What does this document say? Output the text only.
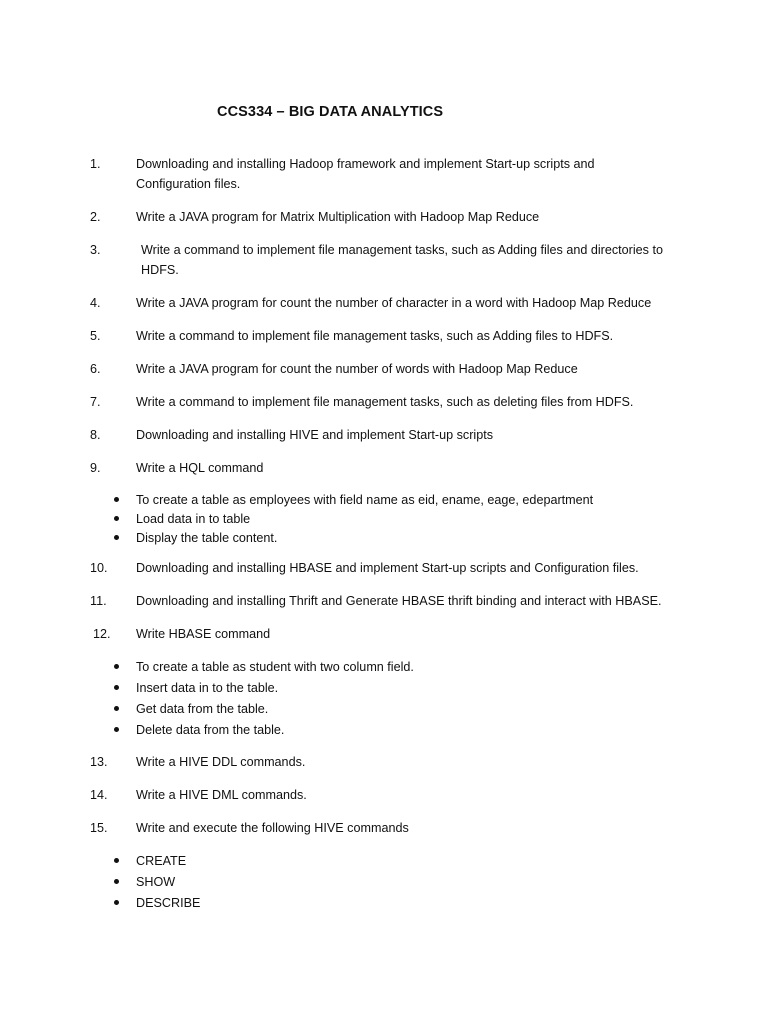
CCS334 – BIG DATA ANALYTICS
1.	Downloading and installing Hadoop framework and implement Start-up scripts and
Configuration files.
2.	Write a JAVA program for Matrix Multiplication with Hadoop Map Reduce
3.	Write a command to implement file management tasks, such as Adding files and directories to
HDFS.
4.	Write a JAVA program for count the number of character in a word with Hadoop Map Reduce
5.	Write a command to implement file management tasks, such as Adding files to HDFS.
6.	Write a JAVA program for count the number of words with Hadoop Map Reduce
7.	Write a command to implement file management tasks, such as deleting files from HDFS.
8.	Downloading and installing HIVE and implement Start-up scripts
9.	Write a HQL command
To create a table as employees with field name as eid, ename, eage, edepartment
Load data in to table
Display the table content.
10. Downloading and installing HBASE and implement Start-up scripts and Configuration files.
11. Downloading and installing Thrift and Generate HBASE thrift binding and interact with HBASE.
12. Write HBASE command
To create a table as student with two column field.
Insert data in to the table.
Get data from the table.
Delete data from the table.
13. Write a HIVE DDL commands.
14. Write a HIVE DML commands.
15. Write and execute the following HIVE commands
CREATE
SHOW
DESCRIBE
